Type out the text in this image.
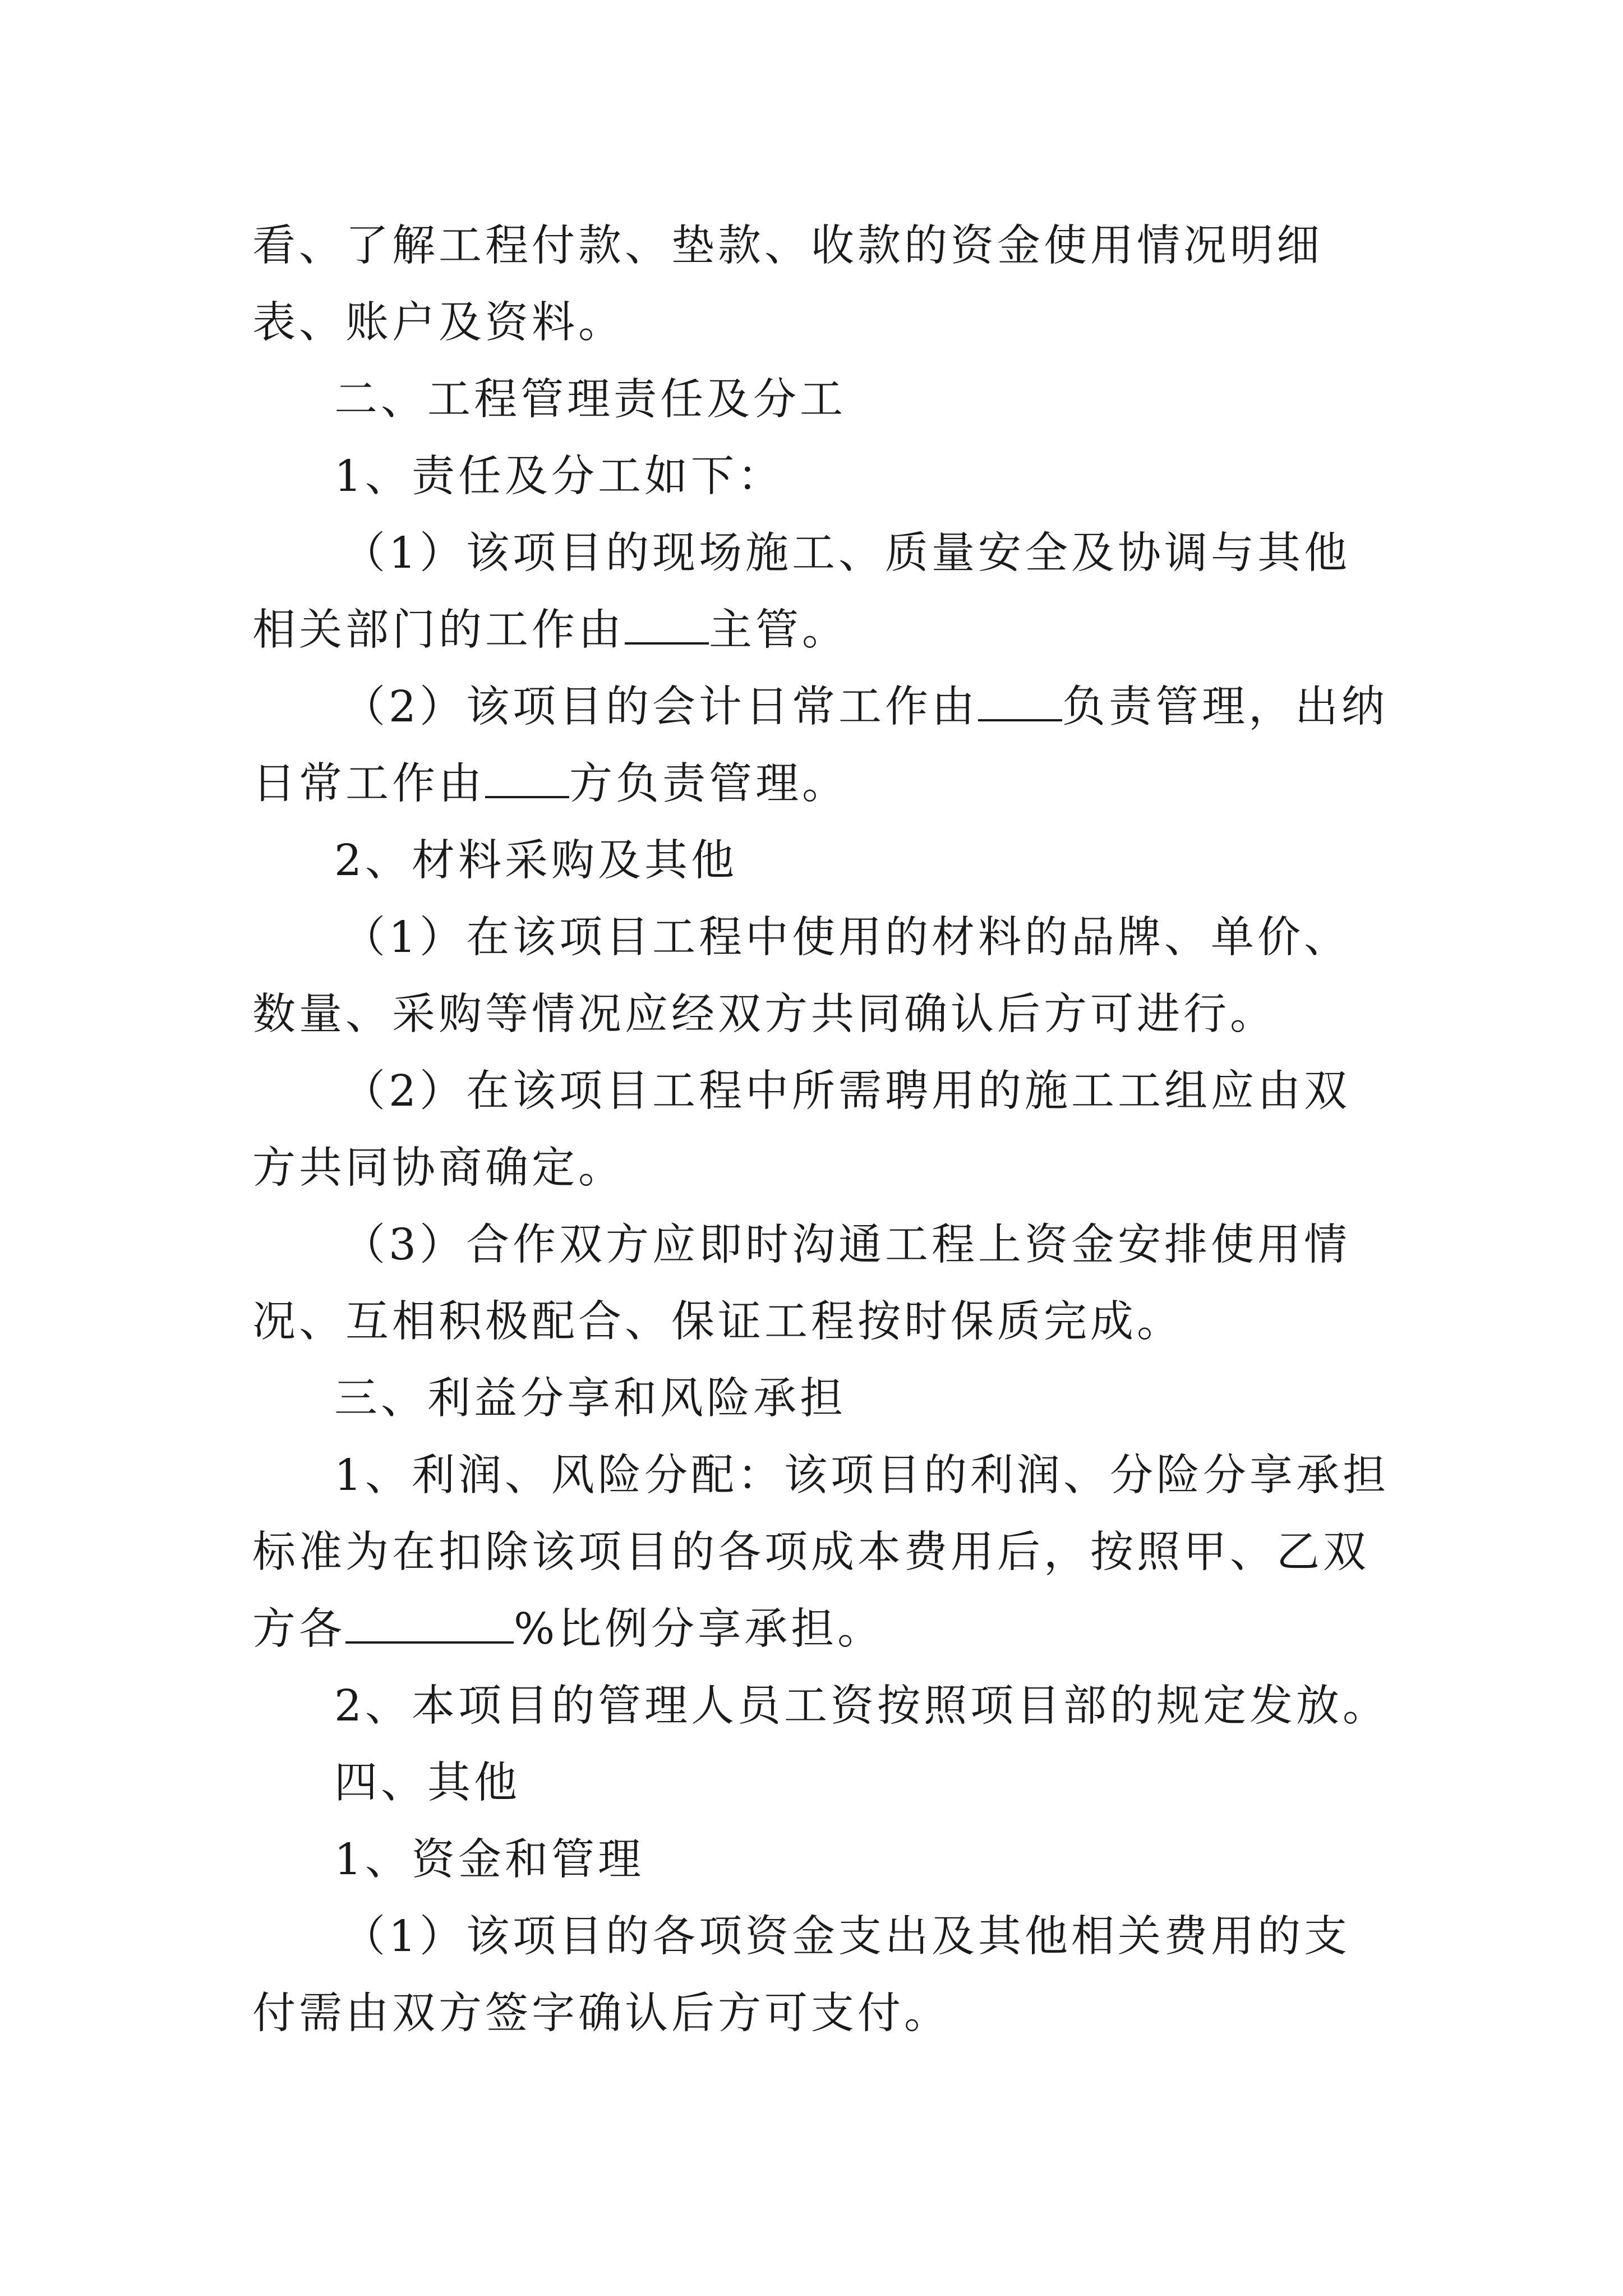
看、了解工程付款、垫款、收款的资金使用情况明细表、账户及资料。

二、工程管理责任及分工

1、责任及分工如下：

（1）该项目的现场施工、质量安全及协调与其他相关部门的工作由 主管。

（2）该项目的会计日常工作由 负责管理，出纳日常工作由 方负责管理。

2、材料采购及其他

（1）在该项目工程中使用的材料的品牌、单价、数量、采购等情况应经双方共同确认后方可进行。

（2）在该项目工程中所需聘用的施工工组应由双方共同协商确定。

（3）合作双方应即时沟通工程上资金安排使用情况、互相积极配合、保证工程按时保质完成。

三、利益分享和风险承担

1、利润、风险分配：该项目的利润、分险分享承担标准为在扣除该项目的各项成本费用后，按照甲、乙双方各	%比例分享承担。

2、本项目的管理人员工资按照项目部的规定发放。

四、其他

1、资金和管理

（1）该项目的各项资金支出及其他相关费用的支付需由双方签字确认后方可支付。
